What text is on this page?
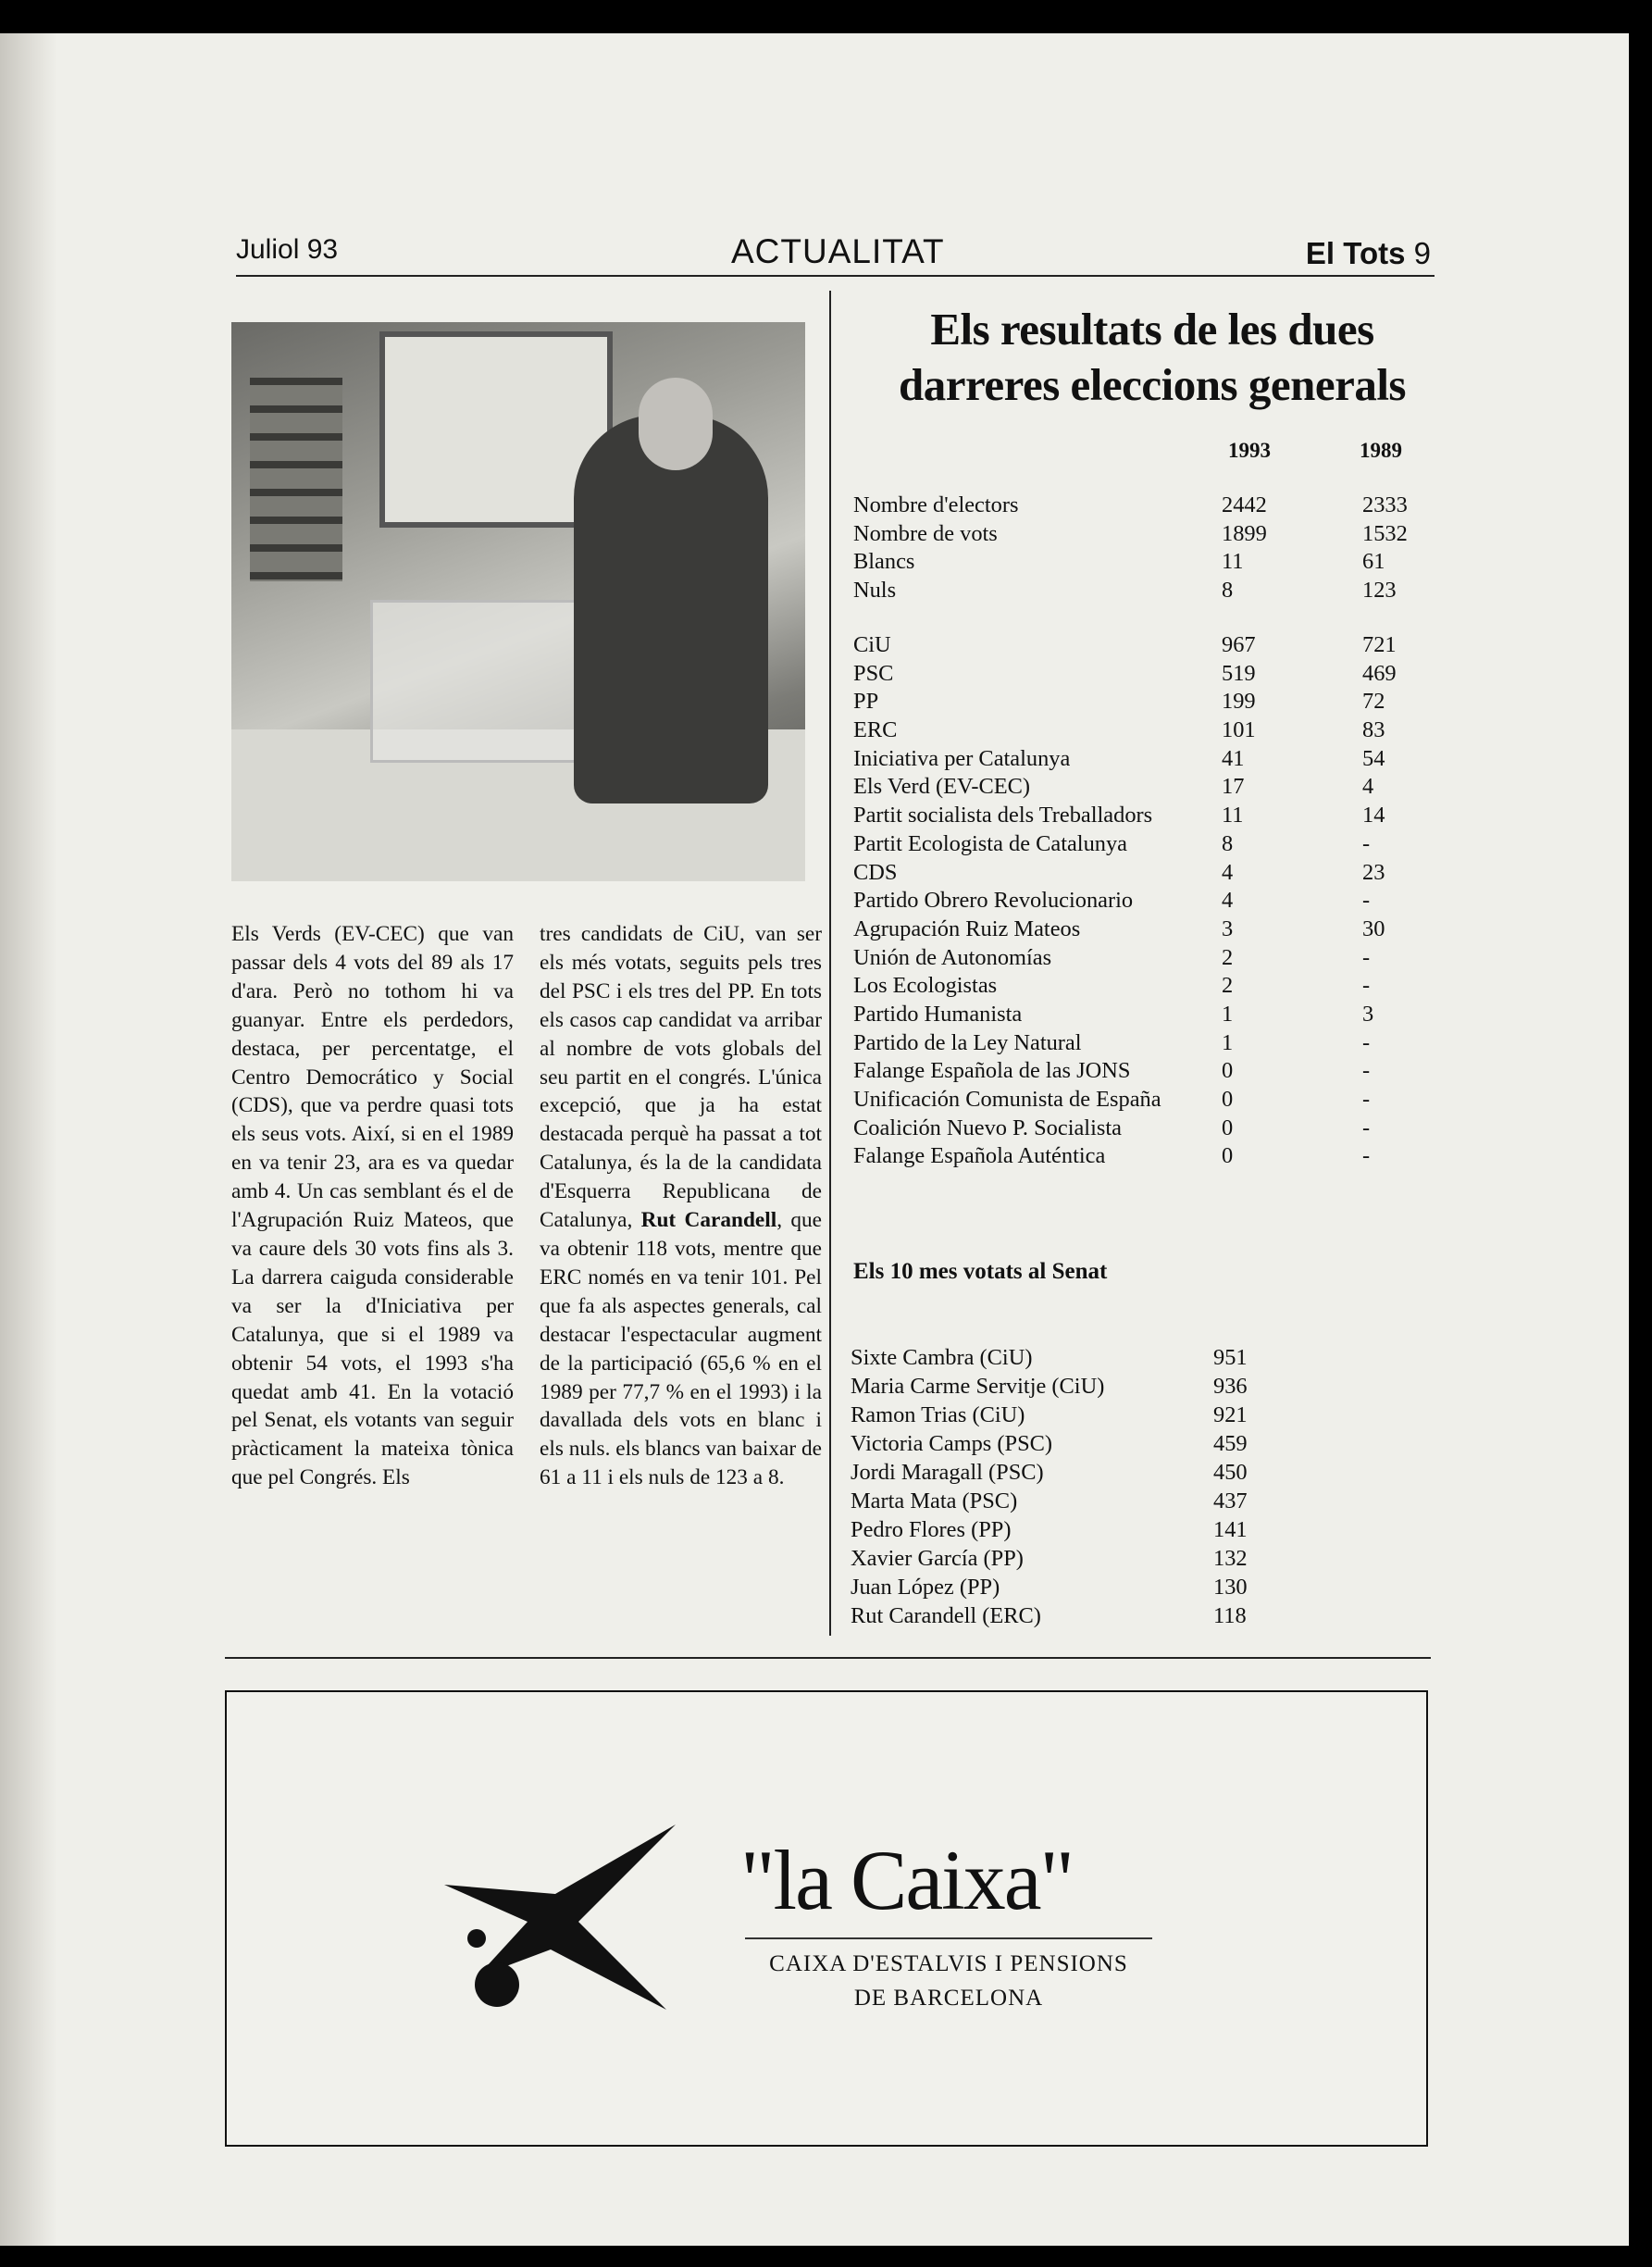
Juliol 93	ACTUALITAT	El Tots 9

Els Verds (EV-CEC) que van passar dels 4 vots del 89 als 17 d'ara. Però no tothom hi va guanyar. Entre els perdedors, destaca, per percentatge, el Centro Democrático y Social (CDS), que va perdre quasi tots els seus vots. Així, si en el 1989 en va tenir 23, ara es va quedar amb 4. Un cas semblant és el de l'Agrupación Ruiz Mateos, que va caure dels 30 vots fins als 3. La darrera caiguda considerable va ser la d'Iniciativa per Catalunya, que si el 1989 va obtenir 54 vots, el 1993 s'ha quedat amb 41. En la votació pel Senat, els votants van seguir pràcticament la mateixa tònica que pel Congrés. Els

tres candidats de CiU, van ser els més votats, seguits pels tres del PSC i els tres del PP. En tots els casos cap candidat va arribar al nombre de vots globals del seu partit en el congrés. L'única excepció, que ja ha estat destacada perquè ha passat a tot Catalunya, és la de la candidata d'Esquerra Republicana de Catalunya, Rut Carandell, que va obtenir 118 vots, mentre que ERC només en va tenir 101. Pel que fa als aspectes generals, cal destacar l'espectacular augment de la participació (65,6 % en el 1989 per 77,7 % en el 1993) i la davallada dels vots en blanc i els nuls. els blancs van baixar de 61 a 11 i els nuls de 123 a 8.

Els resultats de les dues
darreres eleccions generals
1993	1989
Nombre d'electors	2442	2333
Nombre de vots	1899	1532
Blancs	11	61
Nuls	8	123
CiU	967	721
PSC	519	469
PP	199	72
ERC	101	83
Iniciativa per Catalunya	41	54
Els Verd (EV-CEC)	17	4
Partit socialista dels Treballadors	11	14
Partit Ecologista de Catalunya	8	-
CDS	4	23
Partido Obrero Revolucionario	4	-
Agrupación Ruiz Mateos	3	30
Unión de Autonomías	2	-
Los Ecologistas	2	-
Partido Humanista	1	3
Partido de la Ley Natural	1	-
Falange Española de las JONS	0	-
Unificación Comunista de España	0	-
Coalición Nuevo P. Socialista	0	-
Falange Española Auténtica	0	-
Els 10 mes votats al Senat
Sixte Cambra (CiU)	951
Maria Carme Servitje (CiU)	936
Ramon Trias (CiU)	921
Victoria Camps (PSC)	459
Jordi Maragall (PSC)	450
Marta Mata (PSC)	437
Pedro Flores (PP)	141
Xavier García (PP)	132
Juan López (PP)	130
Rut Carandell (ERC)	118
"la Caixa"
CAIXA D'ESTALVIS I PENSIONS
DE BARCELONA
